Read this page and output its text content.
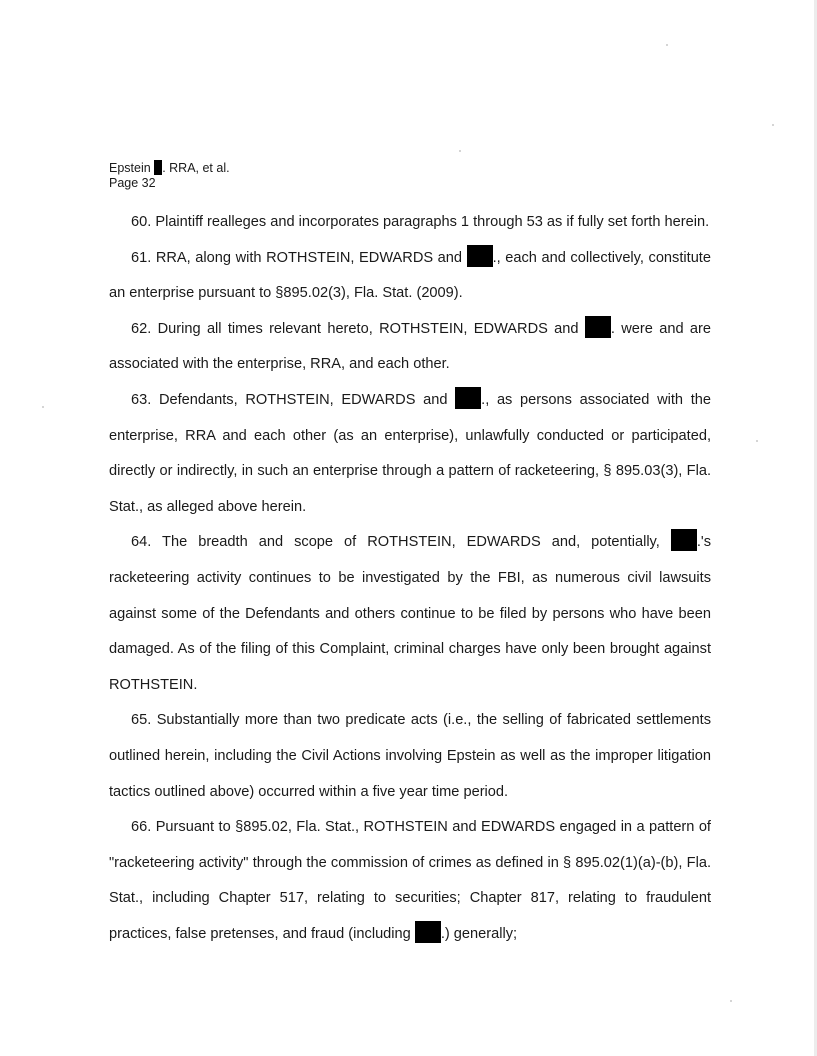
Epstein . RRA, et al.
Page 32

60. Plaintiff realleges and incorporates paragraphs 1 through 53 as if fully set forth herein.

61. RRA, along with ROTHSTEIN, EDWARDS and ., each and collectively, constitute an enterprise pursuant to §895.02(3), Fla. Stat. (2009).

62. During all times relevant hereto, ROTHSTEIN, EDWARDS and . were and are associated with the enterprise, RRA, and each other.

63. Defendants, ROTHSTEIN, EDWARDS and ., as persons associated with the enterprise, RRA and each other (as an enterprise), unlawfully conducted or participated, directly or indirectly, in such an enterprise through a pattern of racketeering, § 895.03(3), Fla. Stat., as alleged above herein.

64. The breadth and scope of ROTHSTEIN, EDWARDS and, potentially, .'s racketeering activity continues to be investigated by the FBI, as numerous civil lawsuits against some of the Defendants and others continue to be filed by persons who have been damaged. As of the filing of this Complaint, criminal charges have only been brought against ROTHSTEIN.

65. Substantially more than two predicate acts (i.e., the selling of fabricated settlements outlined herein, including the Civil Actions involving Epstein as well as the improper litigation tactics outlined above) occurred within a five year time period.

66. Pursuant to §895.02, Fla. Stat., ROTHSTEIN and EDWARDS engaged in a pattern of "racketeering activity" through the commission of crimes as defined in § 895.02(1)(a)-(b), Fla. Stat., including Chapter 517, relating to securities; Chapter 817, relating to fraudulent practices, false pretenses, and fraud (including .) generally;
